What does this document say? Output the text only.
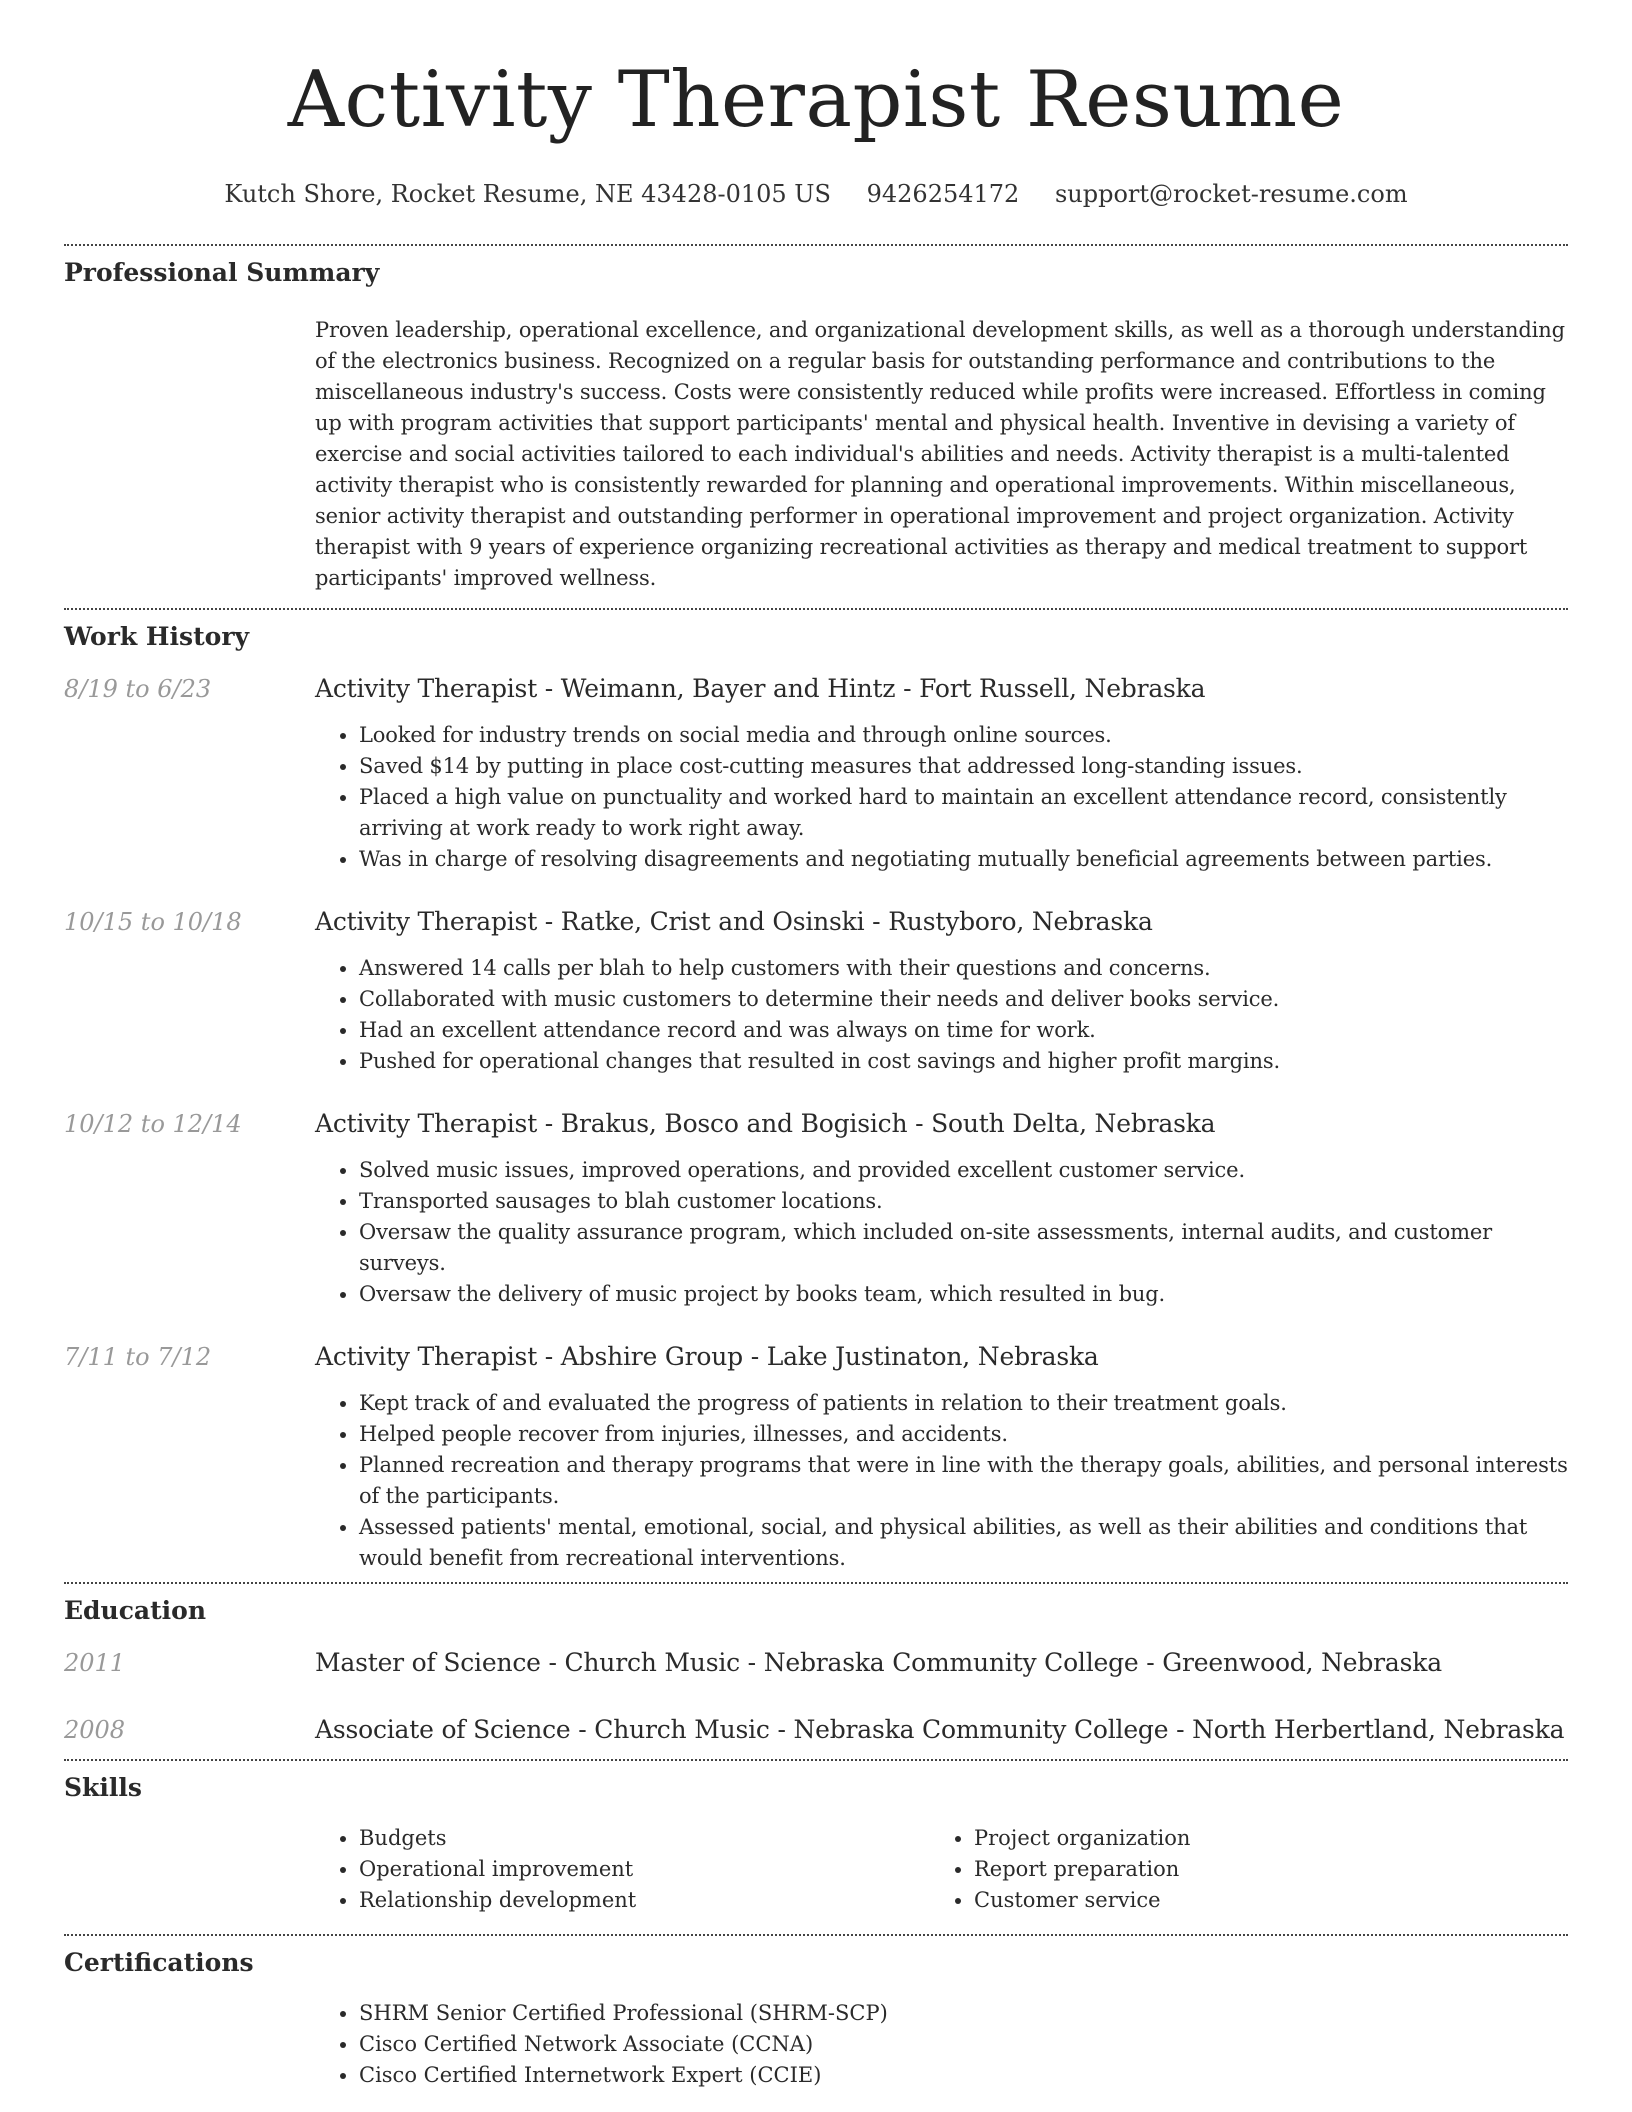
Activity Therapist Resume
Kutch Shore, Rocket Resume, NE 43428-0105 US 9426254172 support@rocket-resume.com
Professional Summary

Proven leadership, operational excellence, and organizational development skills, as well as a thorough understanding of the electronics business. Recognized on a regular basis for outstanding performance and contributions to the miscellaneous industry's success. Costs were consistently reduced while profits were increased. Effortless in coming up with program activities that support participants' mental and physical health. Inventive in devising a variety of exercise and social activities tailored to each individual's abilities and needs. Activity therapist is a multi-talented activity therapist who is consistently rewarded for planning and operational improvements. Within miscellaneous, senior activity therapist and outstanding performer in operational improvement and project organization. Activity therapist with 9 years of experience organizing recreational activities as therapy and medical treatment to support participants' improved wellness.

Work History
8/19 to 6/23	Activity Therapist - Weimann, Bayer and Hintz - Fort Russell, Nebraska
• Looked for industry trends on social media and through online sources.
• Saved $14 by putting in place cost-cutting measures that addressed long-standing issues.
• Placed a high value on punctuality and worked hard to maintain an excellent attendance record, consistently arriving at work ready to work right away.
• Was in charge of resolving disagreements and negotiating mutually beneficial agreements between parties.
10/15 to 10/18	Activity Therapist - Ratke, Crist and Osinski - Rustyboro, Nebraska
• Answered 14 calls per blah to help customers with their questions and concerns.
• Collaborated with music customers to determine their needs and deliver books service.
• Had an excellent attendance record and was always on time for work.
• Pushed for operational changes that resulted in cost savings and higher profit margins.
10/12 to 12/14	Activity Therapist - Brakus, Bosco and Bogisich - South Delta, Nebraska
• Solved music issues, improved operations, and provided excellent customer service.
• Transported sausages to blah customer locations.
• Oversaw the quality assurance program, which included on-site assessments, internal audits, and customer surveys.
• Oversaw the delivery of music project by books team, which resulted in bug.
7/11 to 7/12	Activity Therapist - Abshire Group - Lake Justinaton, Nebraska
• Kept track of and evaluated the progress of patients in relation to their treatment goals.
• Helped people recover from injuries, illnesses, and accidents.
• Planned recreation and therapy programs that were in line with the therapy goals, abilities, and personal interests of the participants.
• Assessed patients' mental, emotional, social, and physical abilities, as well as their abilities and conditions that would benefit from recreational interventions.
Education
2011	Master of Science - Church Music - Nebraska Community College - Greenwood, Nebraska
2008	Associate of Science - Church Music - Nebraska Community College - North Herbertland, Nebraska
Skills
• Budgets
• Operational improvement
• Relationship development
• Project organization
• Report preparation
• Customer service
Certifications
• SHRM Senior Certified Professional (SHRM-SCP)
• Cisco Certified Network Associate (CCNA)
• Cisco Certified Internetwork Expert (CCIE)
